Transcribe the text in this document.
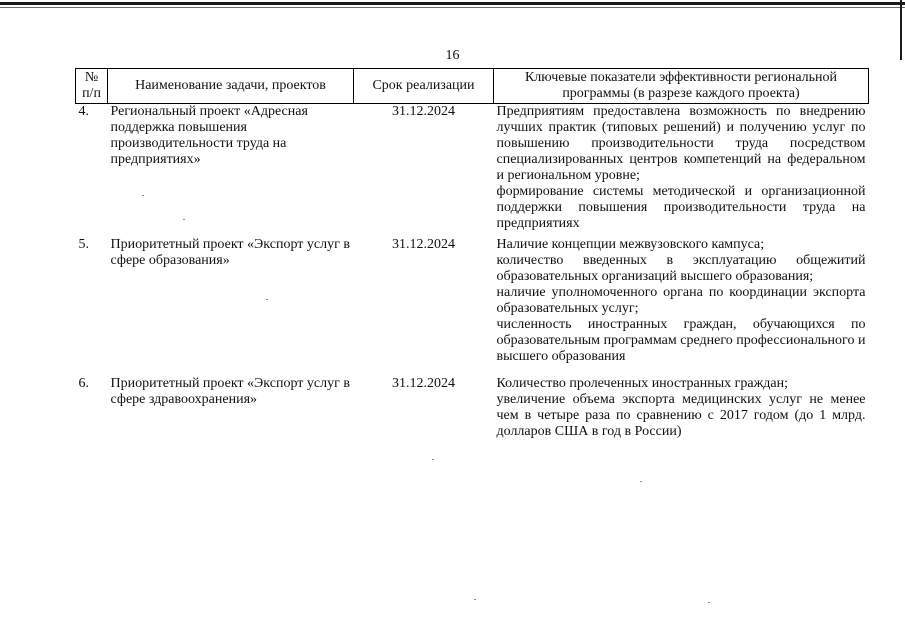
16
№ п/п	Наименование задачи, проектов	Срок реализации	Ключевые показатели эффективности региональной программы (в разрезе каждого проекта)
4.	Региональный проект «Адресная поддержка повышения производительности труда на предприятиях»	31.12.2024	Предприятиям предоставлена возможность по внедрению лучших практик (типовых решений) и получению услуг по повышению производительности труда посредством специализированных центров компетенций на федеральном и региональном уровне;
формирование системы методической и организационной поддержки повышения производительности труда на предприятиях

5.	Приоритетный проект «Экспорт услуг в сфере образования»	31.12.2024	Наличие концепции межвузовского кампуса;
количество введенных в эксплуатацию общежитий образовательных организаций высшего образования;
наличие уполномоченного органа по координации экспорта образовательных услуг;
численность иностранных граждан, обучающихся по образовательным программам среднего профессионального и высшего образования

6.	Приоритетный проект «Экспорт услуг в сфере здравоохранения»	31.12.2024	Количество пролеченных иностранных граждан;
увеличение объема экспорта медицинских услуг не менее чем в четыре раза по сравнению с 2017 годом (до 1 млрд. долларов США в год в России)
